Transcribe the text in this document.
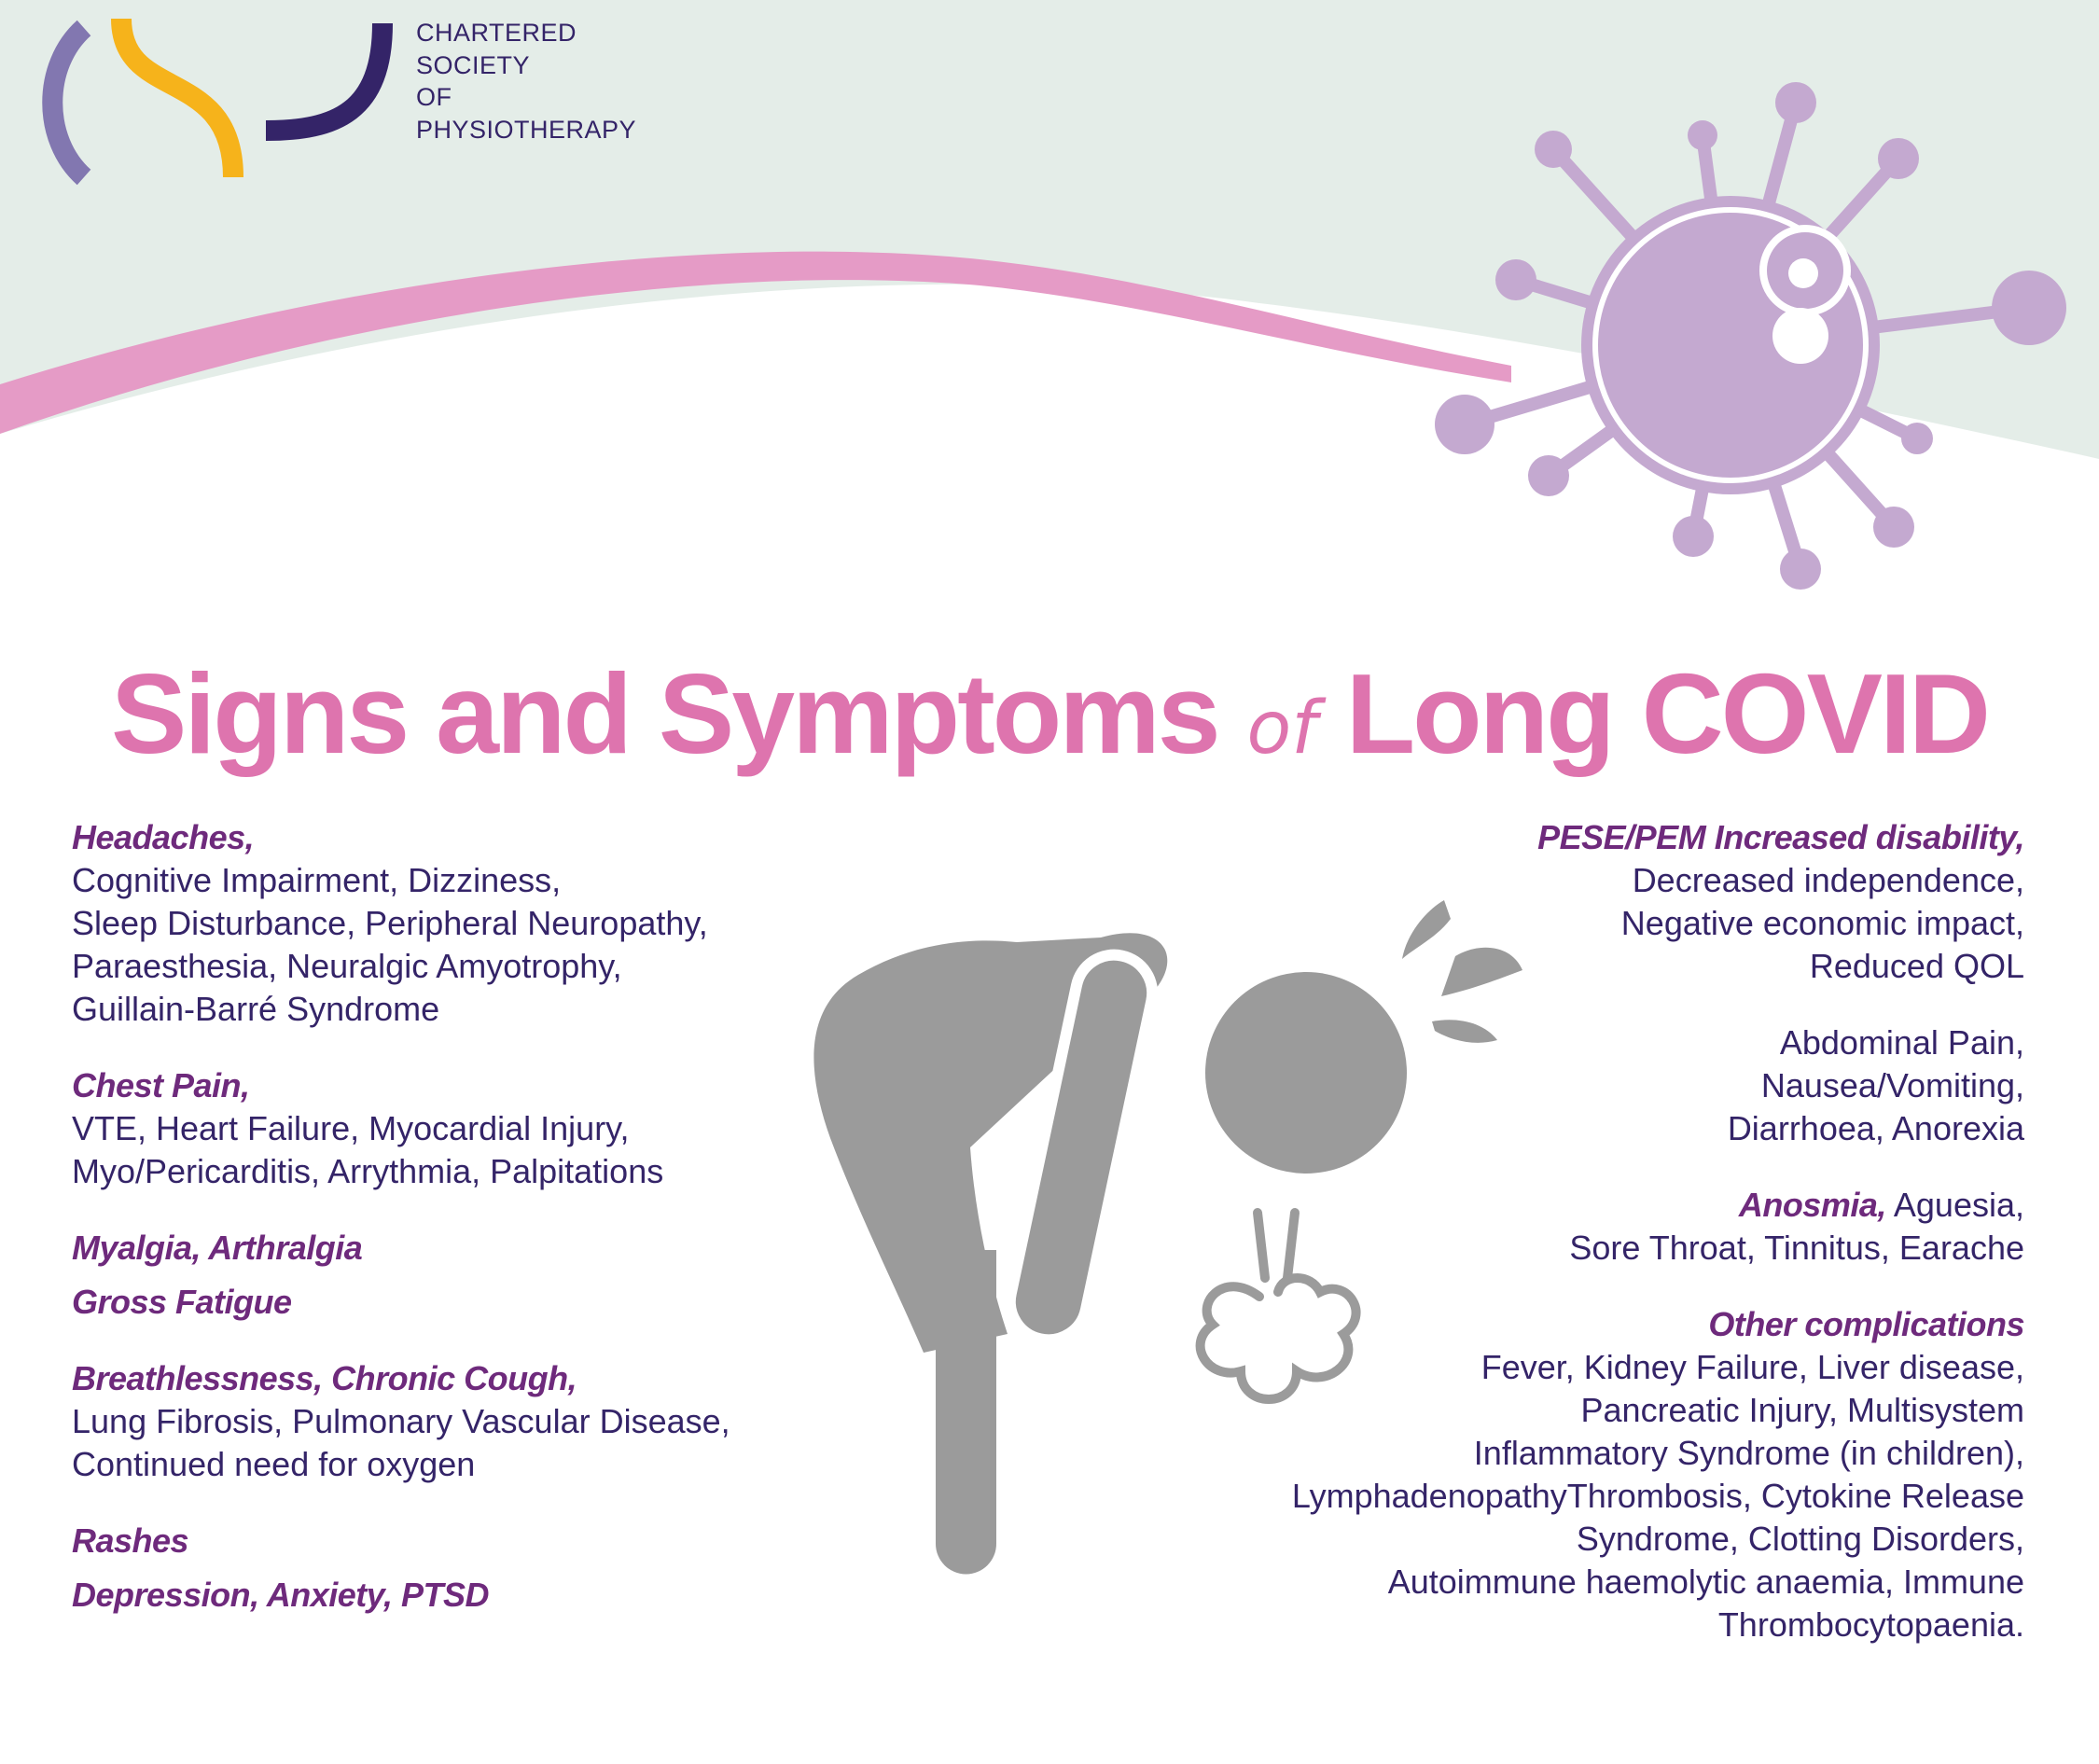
CHARTERED
SOCIETY
OF
PHYSIOTHERAPY
Signs and Symptoms of Long COVID
Headaches,
Cognitive Impairment, Dizziness,
Sleep Disturbance, Peripheral Neuropathy,
Paraesthesia, Neuralgic Amyotrophy,
Guillain-Barré Syndrome
Chest Pain,
VTE, Heart Failure, Myocardial Injury,
Myo/Pericarditis, Arrythmia, Palpitations
Myalgia, Arthralgia
Gross Fatigue
Breathlessness, Chronic Cough,
Lung Fibrosis, Pulmonary Vascular Disease,
Continued need for oxygen
Rashes
Depression, Anxiety, PTSD
PESE/PEM Increased disability,
Decreased independence,
Negative economic impact,
Reduced QOL
Abdominal Pain,
Nausea/Vomiting,
Diarrhoea, Anorexia
Anosmia, Aguesia,
Sore Throat, Tinnitus, Earache
Other complications
Fever, Kidney Failure, Liver disease,
Pancreatic Injury, Multisystem
Inflammatory Syndrome (in children),
LymphadenopathyThrombosis, Cytokine Release
Syndrome, Clotting Disorders,
Autoimmune haemolytic anaemia, Immune
Thrombocytopaenia.
